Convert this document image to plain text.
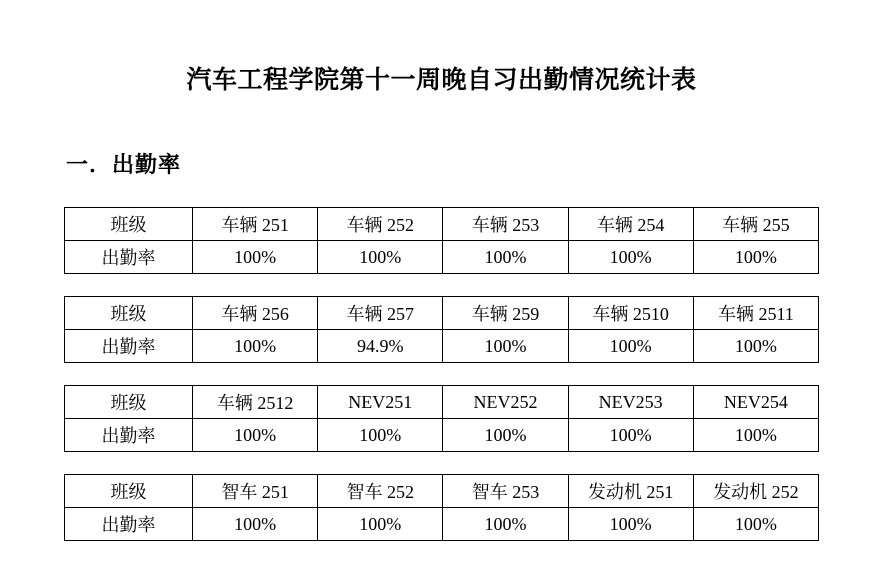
汽车工程学院第十一周晚自习出勤情况统计表
一．出勤率
班级	车辆 251	车辆 252	车辆 253	车辆 254	车辆 255
出勤率	100%	100%	100%	100%	100%
班级	车辆 256	车辆 257	车辆 259	车辆 2510	车辆 2511
出勤率	100%	94.9%	100%	100%	100%
班级	车辆 2512	NEV251	NEV252	NEV253	NEV254
出勤率	100%	100%	100%	100%	100%
班级	智车 251	智车 252	智车 253	发动机 251	发动机 252
出勤率	100%	100%	100%	100%	100%
